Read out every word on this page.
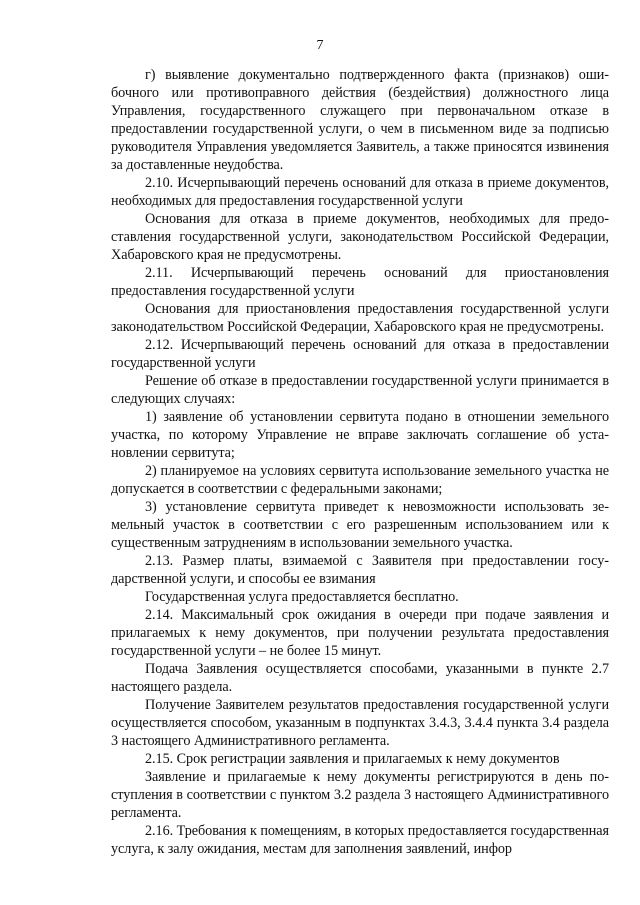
7

г) выявление документально подтвержденного факта (признаков) ошибочного или противоправного действия (бездействия) должностного лица Управления, государственного служащего при первоначальном отказе в предоставлении государственной услуги, о чем в письменном виде за подписью руководителя Управления уведомляется Заявитель, а также приносятся извинения за доставленные неудобства.

2.10. Исчерпывающий перечень оснований для отказа в приеме документов, необходимых для предоставления государственной услуги

Основания для отказа в приеме документов, необходимых для предоставления государственной услуги, законодательством Российской Федерации, Хабаровского края не предусмотрены.

2.11. Исчерпывающий перечень оснований для приостановления предоставления государственной услуги

Основания для приостановления предоставления государственной услуги законодательством Российской Федерации, Хабаровского края не предусмотрены.

2.12. Исчерпывающий перечень оснований для отказа в предоставлении государственной услуги

Решение об отказе в предоставлении государственной услуги принимается в следующих случаях:

1) заявление об установлении сервитута подано в отношении земельного участка, по которому Управление не вправе заключать соглашение об установлении сервитута;

2) планируемое на условиях сервитута использование земельного участка не допускается в соответствии с федеральными законами;

3) установление сервитута приведет к невозможности использовать земельный участок в соответствии с его разрешенным использованием или к существенным затруднениям в использовании земельного участка.

2.13. Размер платы, взимаемой с Заявителя при предоставлении государственной услуги, и способы ее взимания

Государственная услуга предоставляется бесплатно.

2.14. Максимальный срок ожидания в очереди при подаче заявления и прилагаемых к нему документов, при получении результата предоставления государственной услуги – не более 15 минут.

Подача Заявления осуществляется способами, указанными в пункте 2.7 настоящего раздела.

Получение Заявителем результатов предоставления государственной услуги осуществляется способом, указанным в подпунктах 3.4.3, 3.4.4 пункта 3.4 раздела 3 настоящего Административного регламента.

2.15. Срок регистрации заявления и прилагаемых к нему документов

Заявление и прилагаемые к нему документы регистрируются в день поступления в соответствии с пунктом 3.2 раздела 3 настоящего Административного регламента.

2.16. Требования к помещениям, в которых предоставляется государственная услуга, к залу ожидания, местам для заполнения заявлений, инфор
